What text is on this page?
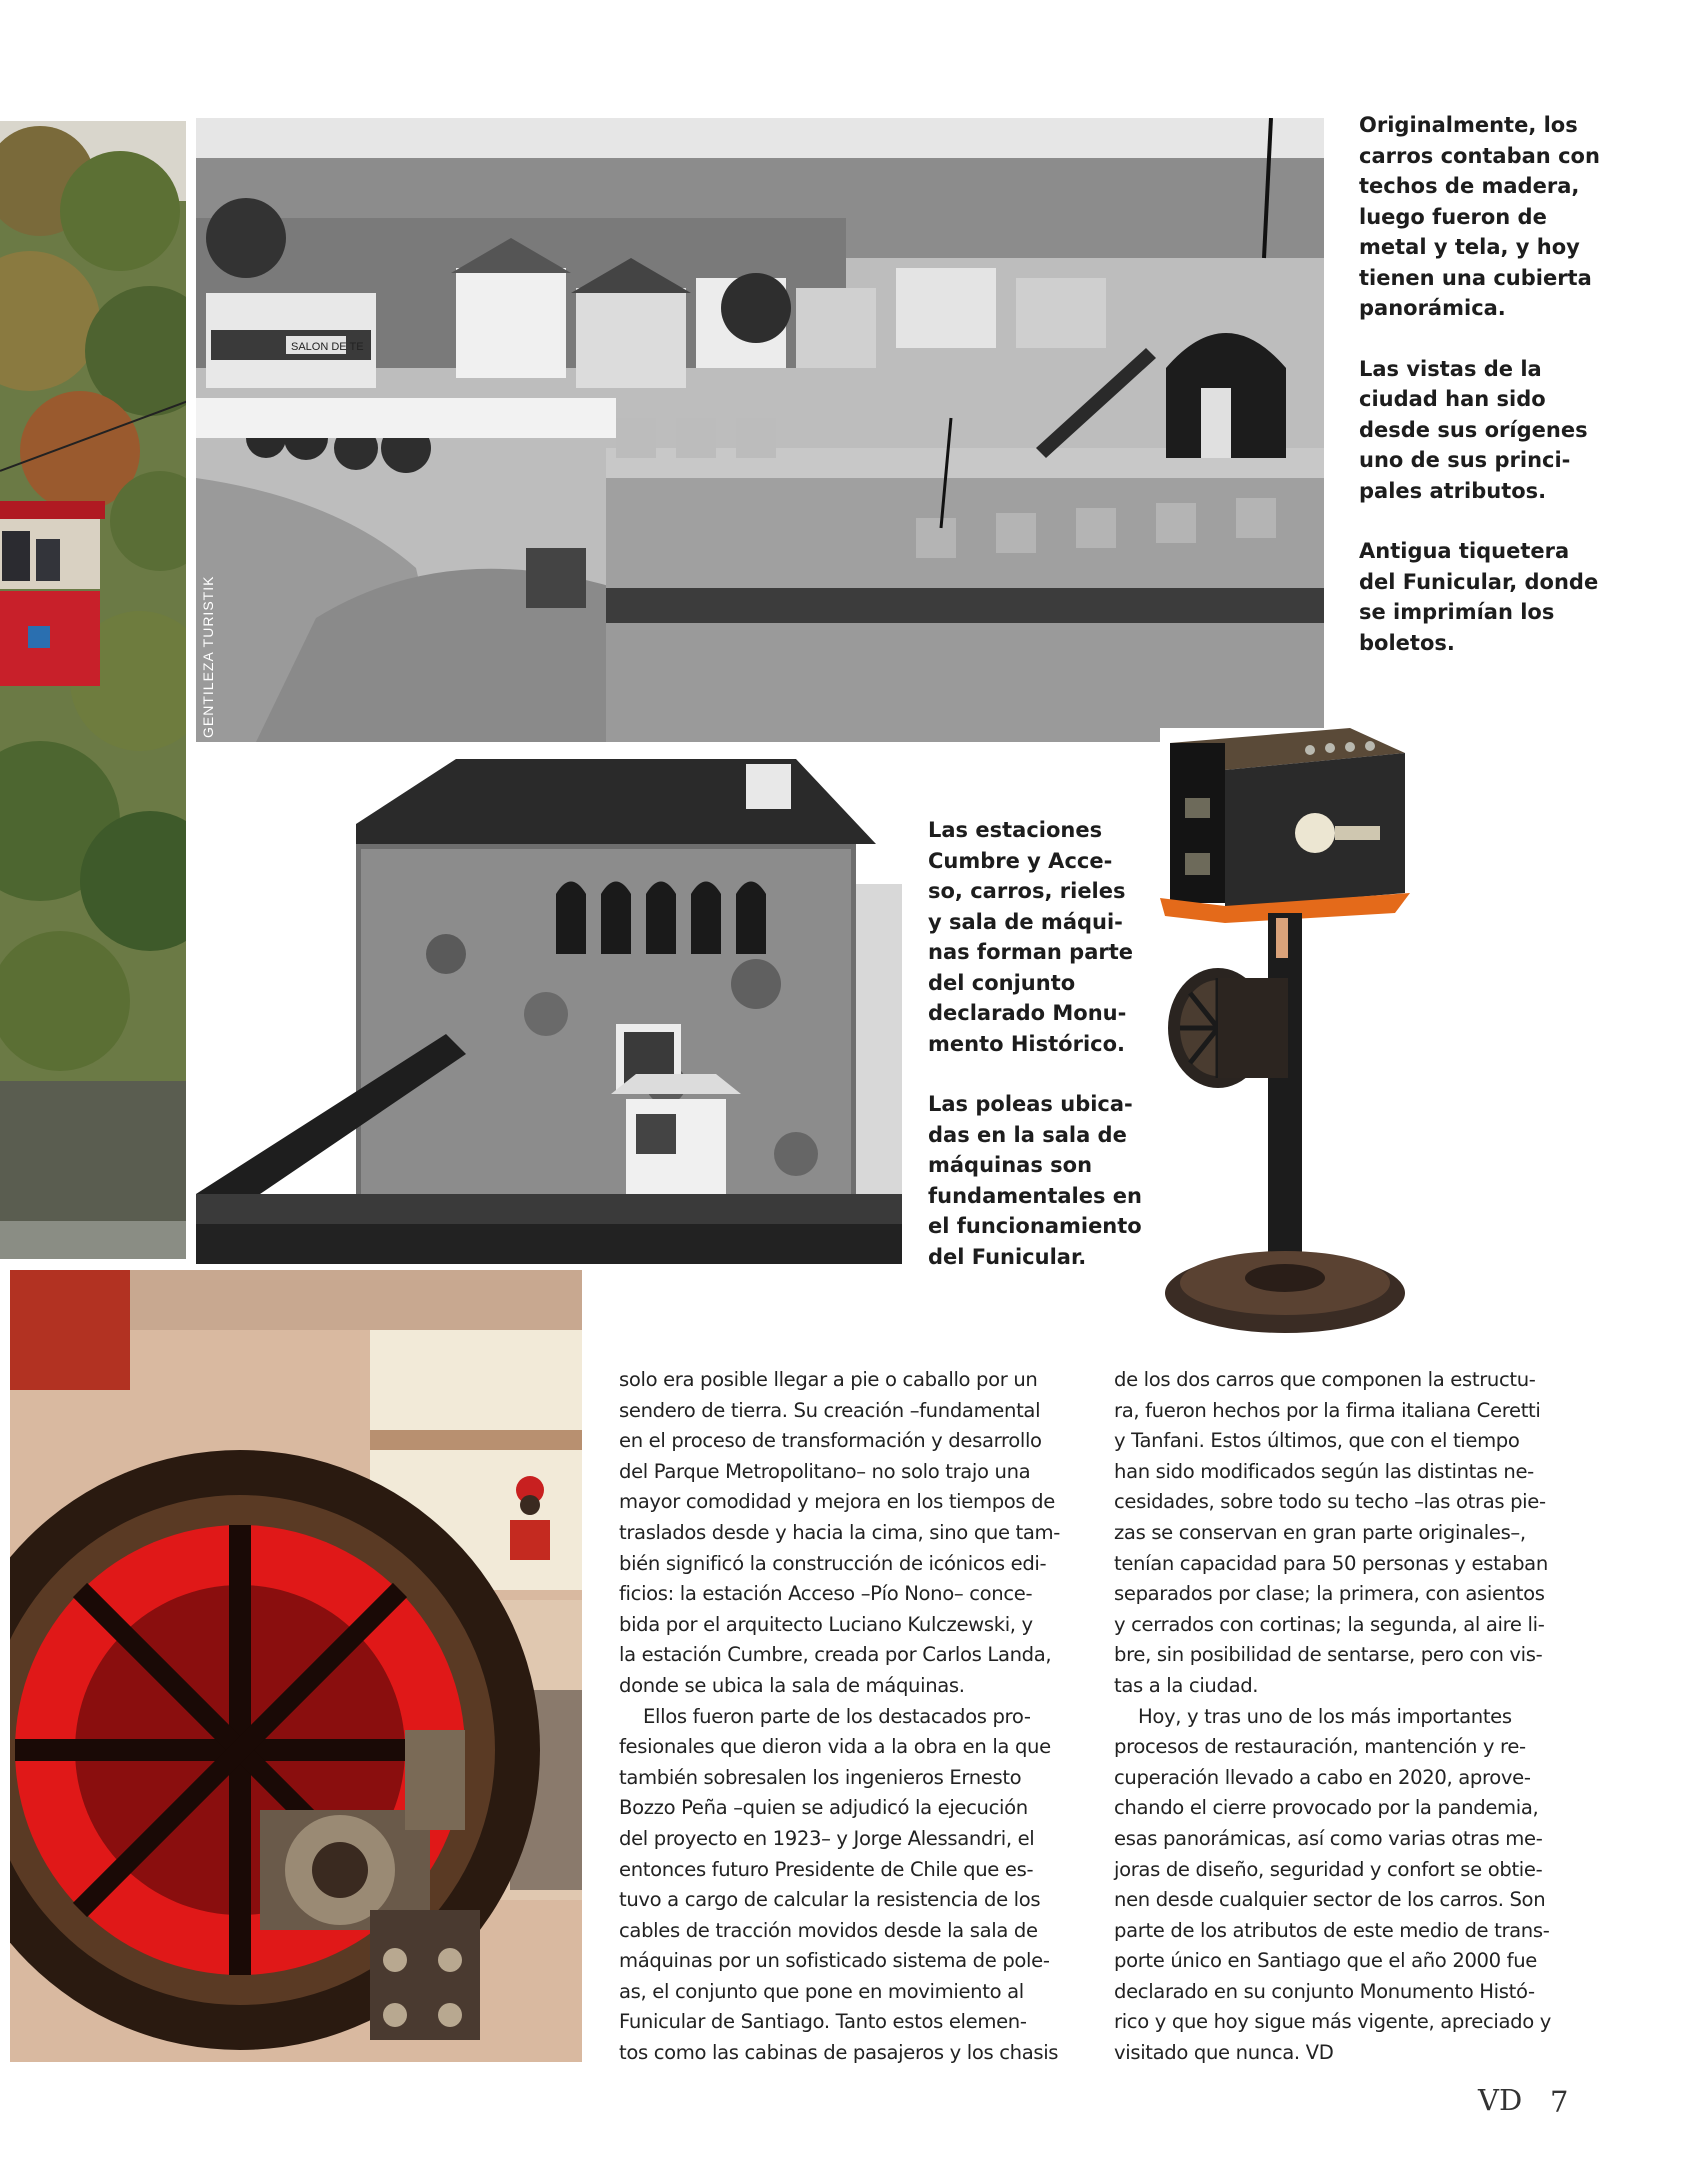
SALON DE TE
GENTILEZA TURISTIK
GENTILEZA TURISTIK
Originalmente, los
carros contaban con
techos de madera,
luego fueron de
metal y tela, y hoy
tienen una cubierta
panorámica.
Las vistas de la
ciudad han sido
desde sus orígenes
uno de sus princi-
pales atributos.
Antigua tiquetera
del Funicular, donde
se imprimían los
boletos.
Las estaciones
Cumbre y Acce-
so, carros, rieles
y sala de máqui-
nas forman parte
del conjunto
declarado Monu-
mento Histórico.
Las poleas ubica-
das en la sala de
máquinas son
fundamentales en
el funcionamiento
del Funicular.
solo era posible llegar a pie o caballo por un
sendero de tierra. Su creación –fundamental
en el proceso de transformación y desarrollo
del Parque Metropolitano– no solo trajo una
mayor comodidad y mejora en los tiempos de
traslados desde y hacia la cima, sino que tam-
bién significó la construcción de icónicos edi-
ficios: la estación Acceso –Pío Nono– conce-
bida por el arquitecto Luciano Kulczewski, y
la estación Cumbre, creada por Carlos Landa,
donde se ubica la sala de máquinas.
Ellos fueron parte de los destacados pro-
fesionales que dieron vida a la obra en la que
también sobresalen los ingenieros Ernesto
Bozzo Peña –quien se adjudicó la ejecución
del proyecto en 1923– y Jorge Alessandri, el
entonces futuro Presidente de Chile que es-
tuvo a cargo de calcular la resistencia de los
cables de tracción movidos desde la sala de
máquinas por un sofisticado sistema de pole-
as, el conjunto que pone en movimiento al
Funicular de Santiago. Tanto estos elemen-
tos como las cabinas de pasajeros y los chasis
de los dos carros que componen la estructu-
ra, fueron hechos por la firma italiana Ceretti
y Tanfani. Estos últimos, que con el tiempo
han sido modificados según las distintas ne-
cesidades, sobre todo su techo –las otras pie-
zas se conservan en gran parte originales–,
tenían capacidad para 50 personas y estaban
separados por clase; la primera, con asientos
y cerrados con cortinas; la segunda, al aire li-
bre, sin posibilidad de sentarse, pero con vis-
tas a la ciudad.
Hoy, y tras uno de los más importantes
procesos de restauración, mantención y re-
cuperación llevado a cabo en 2020, aprove-
chando el cierre provocado por la pandemia,
esas panorámicas, así como varias otras me-
joras de diseño, seguridad y confort se obtie-
nen desde cualquier sector de los carros. Son
parte de los atributos de este medio de trans-
porte único en Santiago que el año 2000 fue
declarado en su conjunto Monumento Histó-
rico y que hoy sigue más vigente, apreciado y
visitado que nunca. VD
VD 7
